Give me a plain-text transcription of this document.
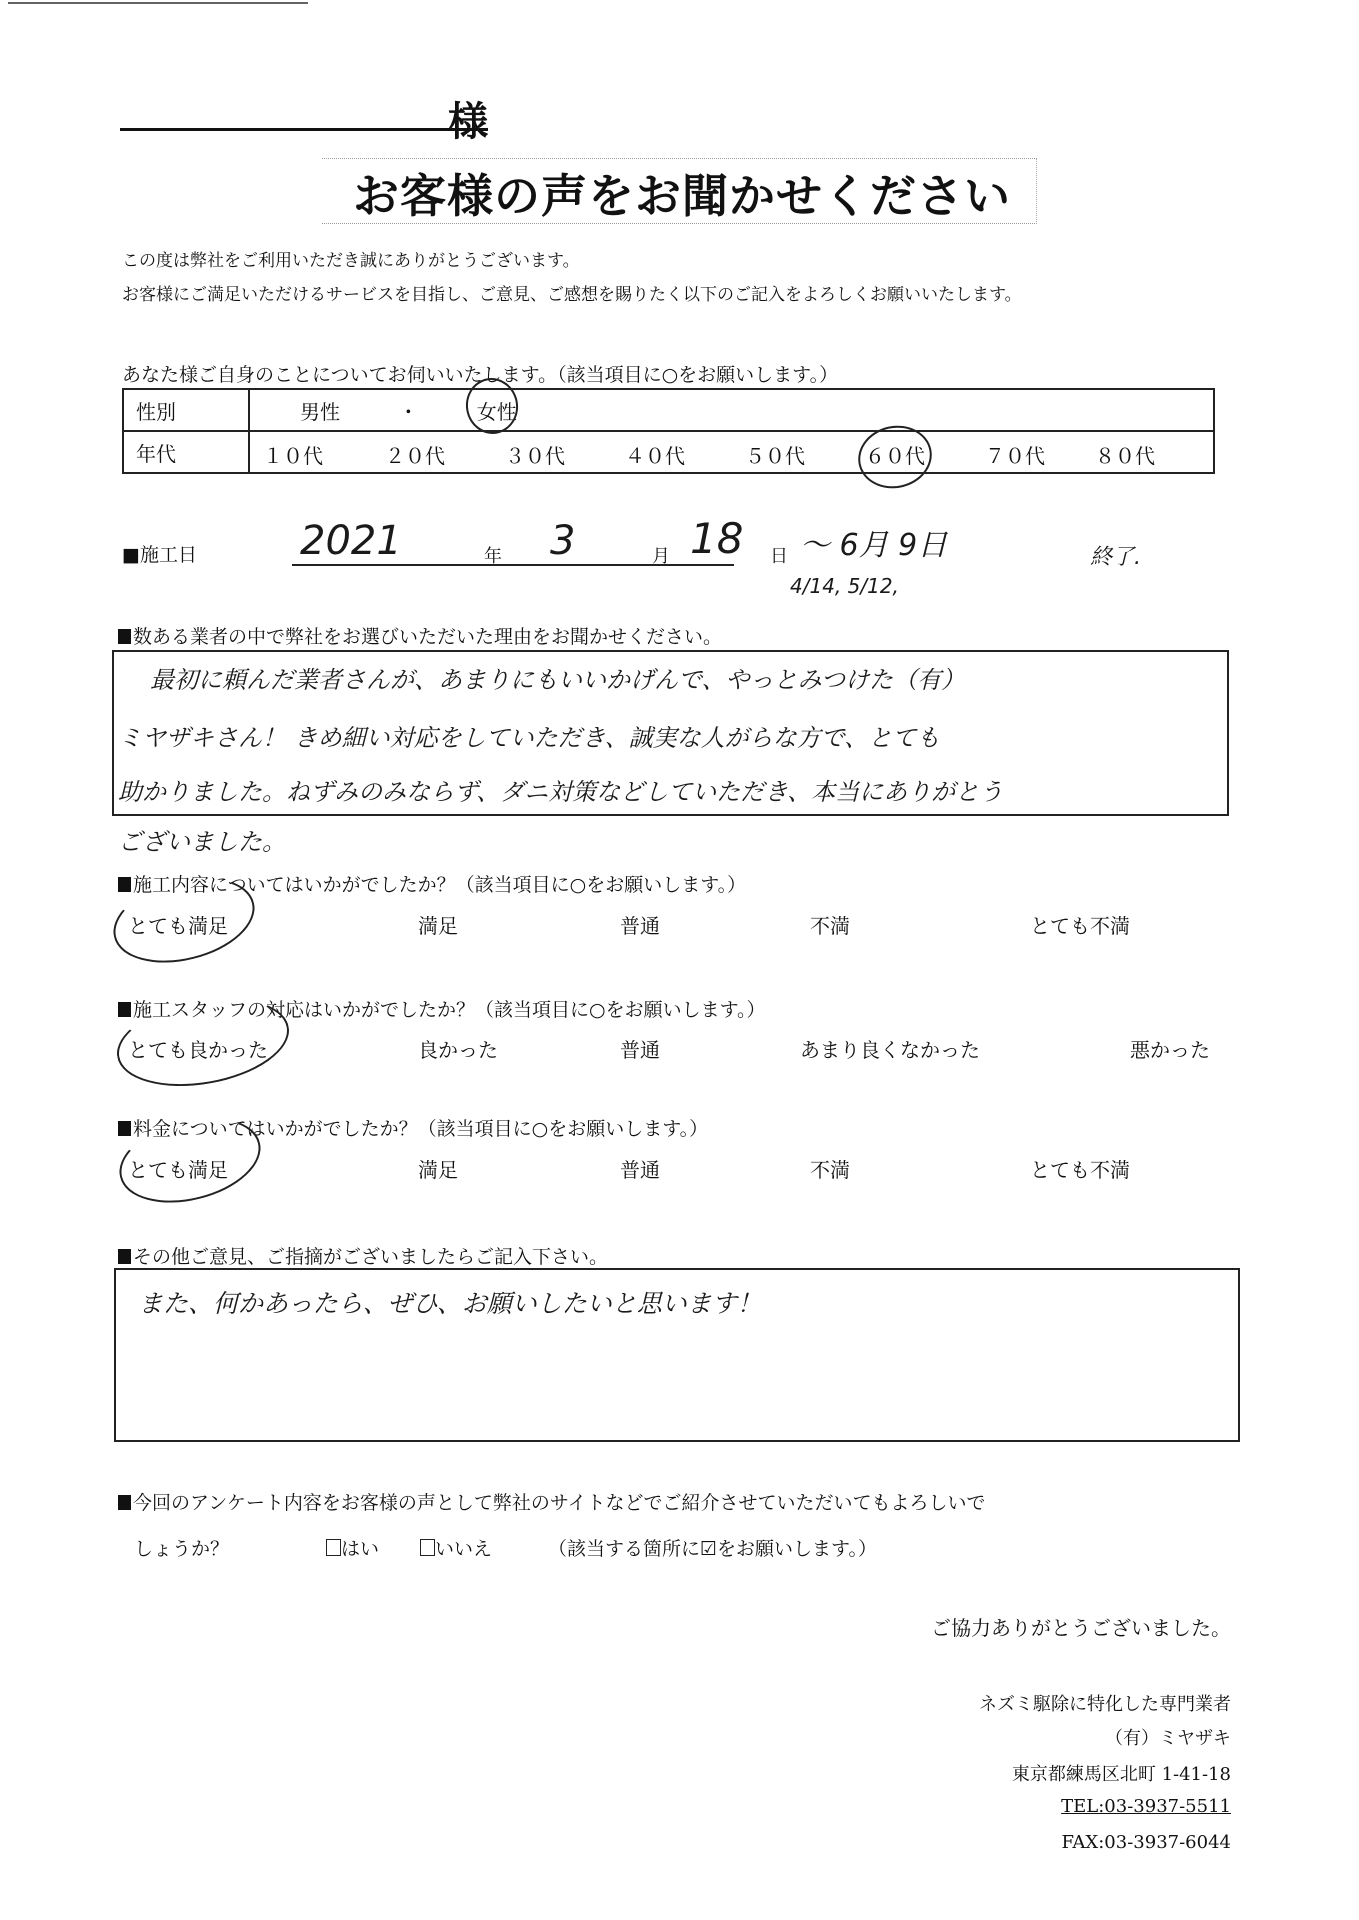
様
お客様の声をお聞かせください
この度は弊社をご利用いただき誠にありがとうございます。
お客様にご満足いただけるサービスを目指し、ご意見、ご感想を賜りたく以下のご記入をよろしくお願いいたします。
あなた様ご自身のことについてお伺いいたします。（該当項目に○をお願いします。）
性別	男性 ・ 女性
年代	１０代	２０代	３０代	４０代	５０代	６０代	７０代	８０代
■施工日	2021	年 3	月 18 日 ～ 6月 9日	終了.
4/14, 5/12,
数ある業者の中で弊社をお選びいただいた理由をお聞かせください。
最初に頼んだ業者さんが、あまりにもいいかげんで、やっとみつけた（有）
ミヤザキさん！ きめ細い対応をしていただき、誠実な人がらな方で、とても
助かりました。ねずみのみならず、ダニ対策などしていただき、本当にありがとう
ございました。
施工内容についてはいかがでしたか？（該当項目に○をお願いします。）
とても満足	満足	普通	不満	とても不満
施工スタッフの対応はいかがでしたか？（該当項目に○をお願いします。）
とても良かった	良かった	普通	あまり良くなかった	悪かった
料金についてはいかがでしたか？（該当項目に○をお願いします。）
とても満足	満足	普通	不満	とても不満
その他ご意見、ご指摘がございましたらご記入下さい。
また、何かあったら、ぜひ、お願いしたいと思います！
今回のアンケート内容をお客様の声として弊社のサイトなどでご紹介させていただいてもよろしいで
しょうか？	はい	いいえ	（該当する箇所に☑をお願いします。）
ご協力ありがとうございました。
ネズミ駆除に特化した専門業者
（有）ミヤザキ
東京都練馬区北町 1-41-18
TEL:03-3937-5511
FAX:03-3937-6044
